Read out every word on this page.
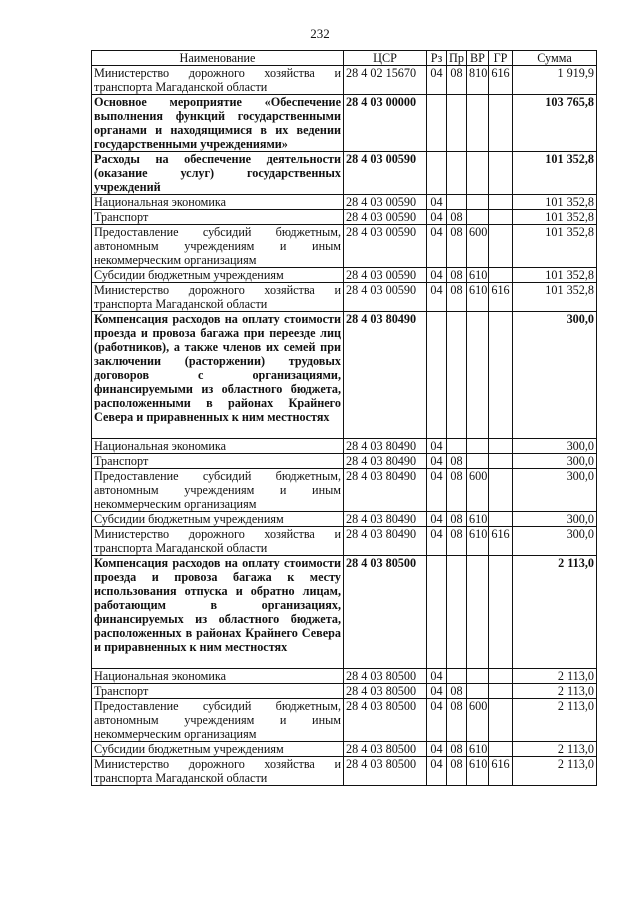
232
Наименование	ЦСР	Рз	Пр	ВР	ГР	Сумма
Министерство дорожного хозяйства и транспорта Магаданской области	28 4 02 15670	04	08	810	616	1 919,9
Основное мероприятие «Обеспечение выполнения функций государственными органами и находящимися в их ведении государственными учреждениями»	28 4 03 00000					103 765,8
Расходы на обеспечение деятельности (оказание услуг) государственных учреждений	28 4 03 00590					101 352,8
Национальная экономика	28 4 03 00590	04				101 352,8
Транспорт	28 4 03 00590	04	08			101 352,8
Предоставление субсидий бюджетным, автономным учреждениям и иным некоммерческим организациям	28 4 03 00590	04	08	600		101 352,8
Субсидии бюджетным учреждениям	28 4 03 00590	04	08	610		101 352,8
Министерство дорожного хозяйства и транспорта Магаданской области	28 4 03 00590	04	08	610	616	101 352,8
Компенсация расходов на оплату стоимости проезда и провоза багажа при переезде лиц (работников), а также членов их семей при заключении (расторжении) трудовых договоров с организациями, финансируемыми из областного бюджета, расположенными в районах Крайнего Севера и приравненных к ним местностях	28 4 03 80490					300,0
Национальная экономика	28 4 03 80490	04				300,0
Транспорт	28 4 03 80490	04	08			300,0
Предоставление субсидий бюджетным, автономным учреждениям и иным некоммерческим организациям	28 4 03 80490	04	08	600		300,0
Субсидии бюджетным учреждениям	28 4 03 80490	04	08	610		300,0
Министерство дорожного хозяйства и транспорта Магаданской области	28 4 03 80490	04	08	610	616	300,0
Компенсация расходов на оплату стоимости проезда и провоза багажа к месту использования отпуска и обратно лицам, работающим в организациях, финансируемых из областного бюджета, расположенных в районах Крайнего Севера и приравненных к ним местностях	28 4 03 80500					2 113,0
Национальная экономика	28 4 03 80500	04				2 113,0
Транспорт	28 4 03 80500	04	08			2 113,0
Предоставление субсидий бюджетным, автономным учреждениям и иным некоммерческим организациям	28 4 03 80500	04	08	600		2 113,0
Субсидии бюджетным учреждениям	28 4 03 80500	04	08	610		2 113,0
Министерство дорожного хозяйства и транспорта Магаданской области	28 4 03 80500	04	08	610	616	2 113,0
